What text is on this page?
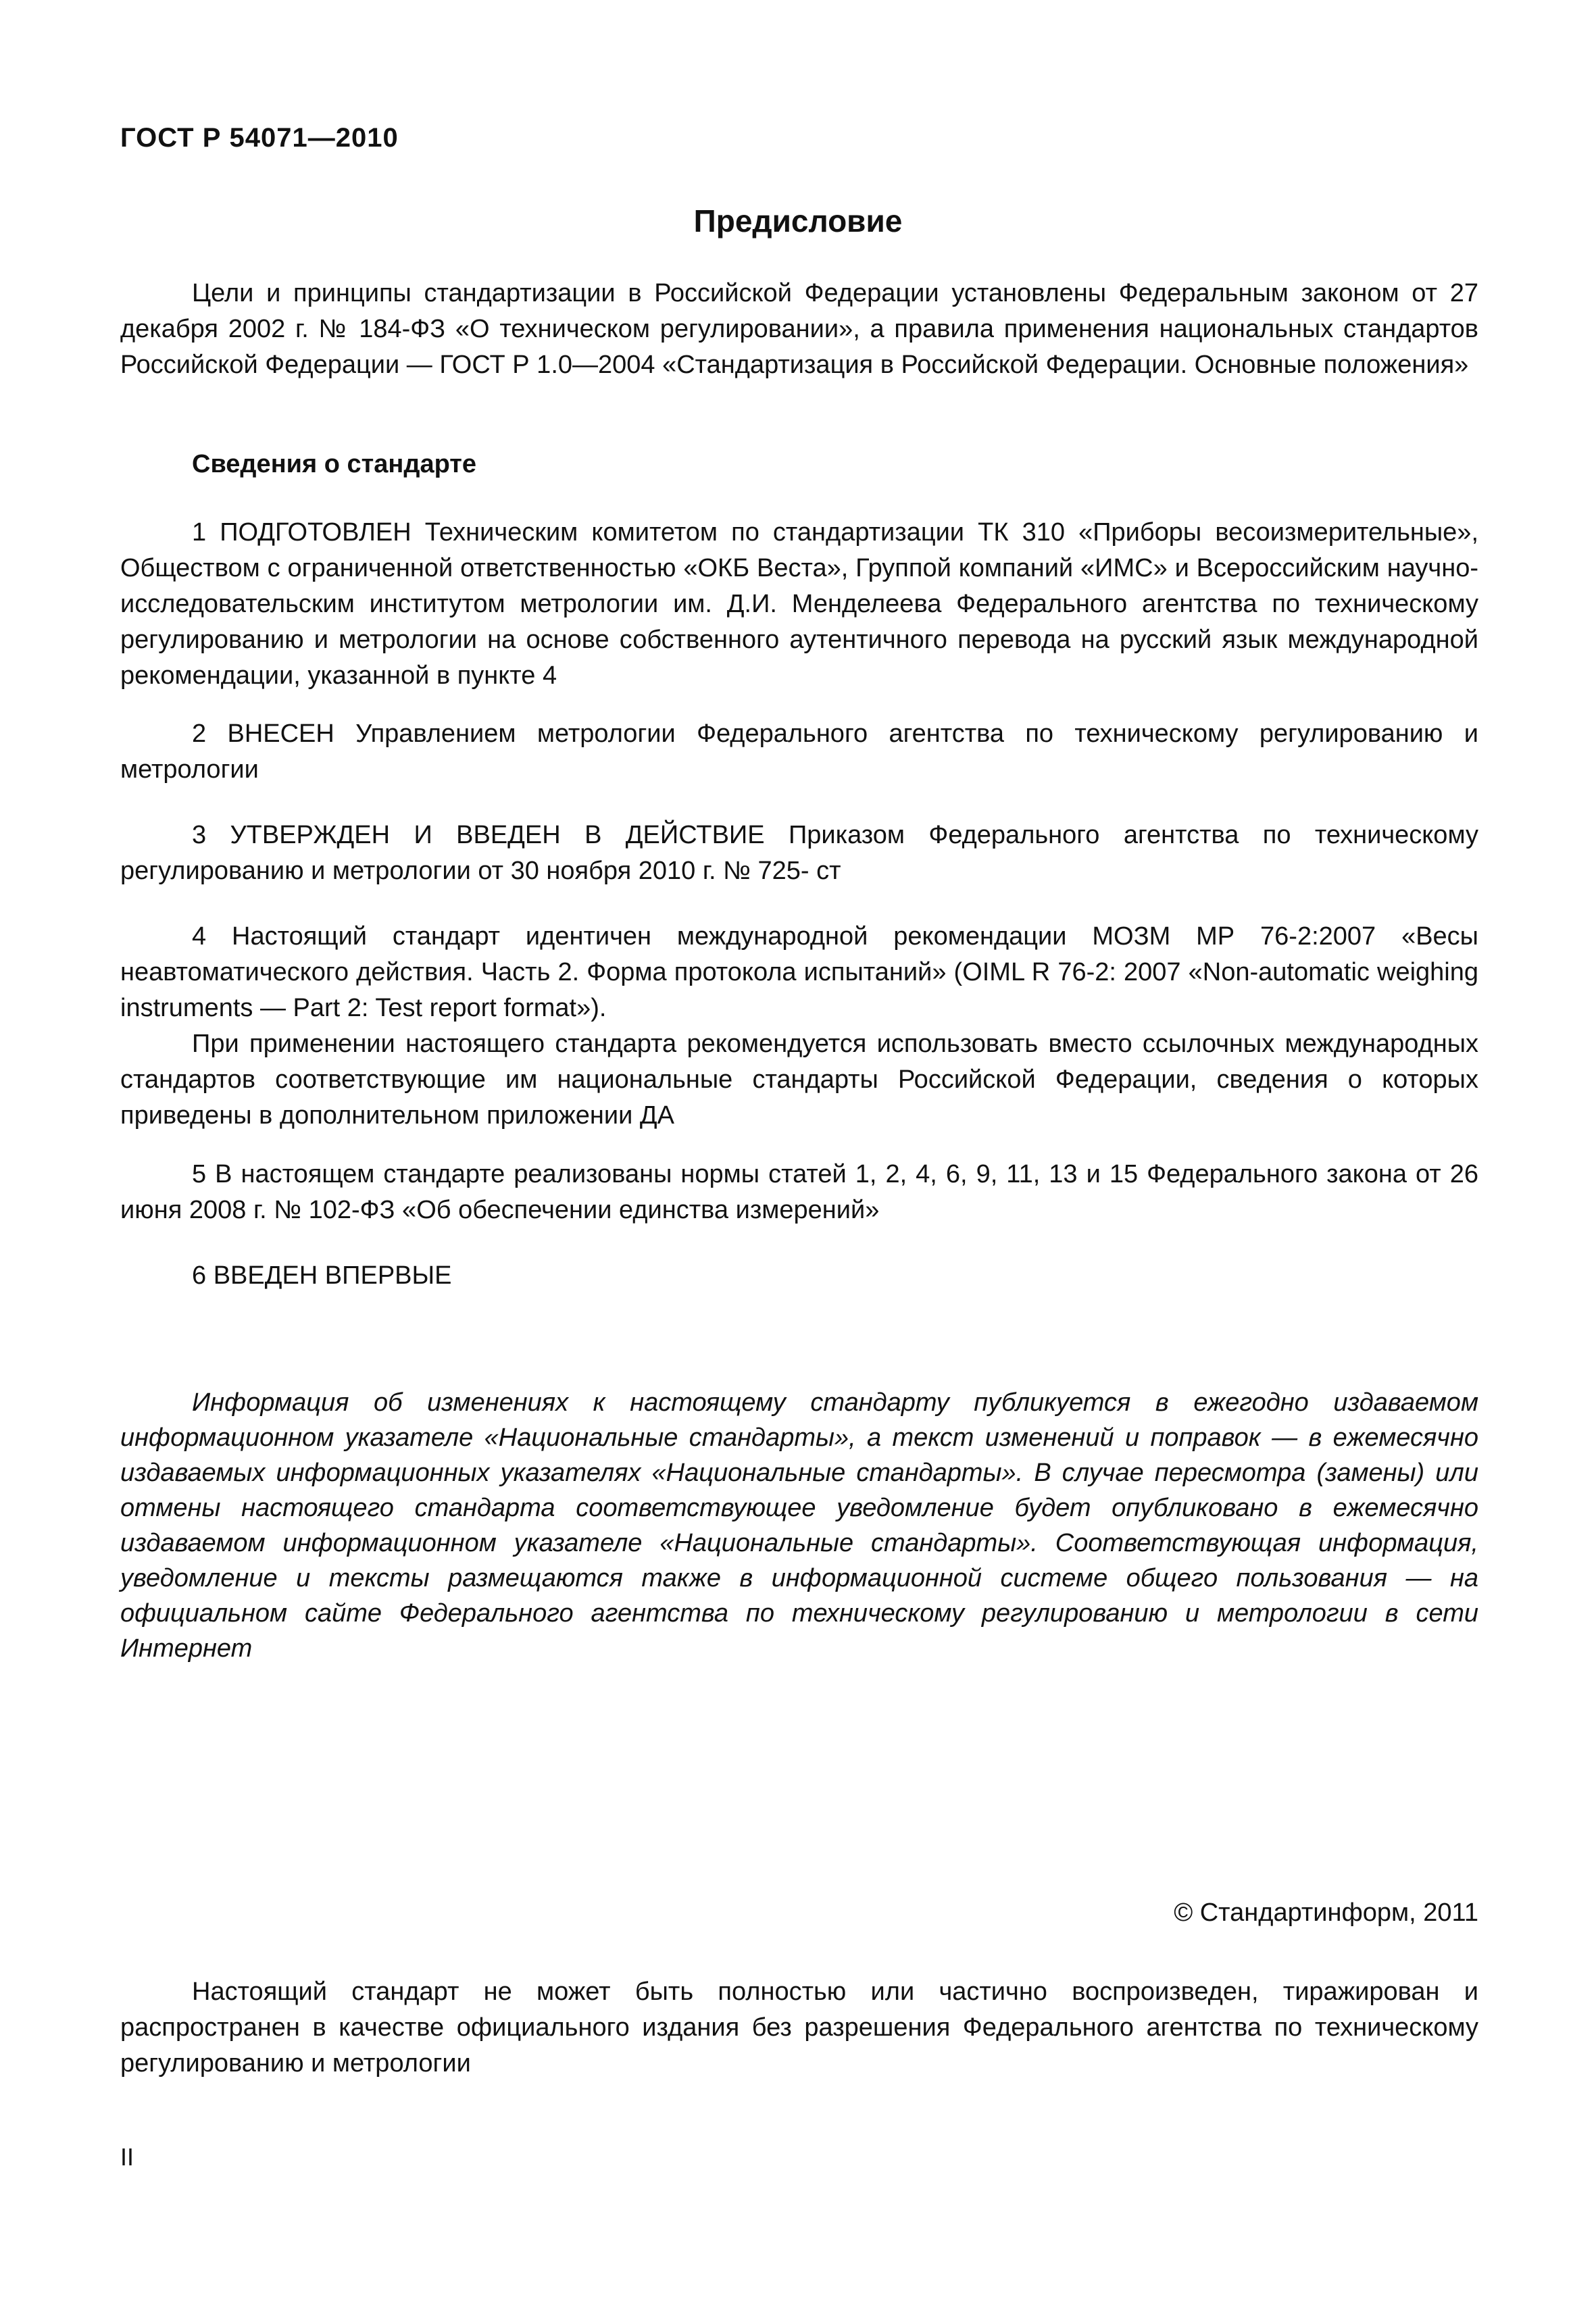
ГОСТ Р 54071—2010
Предисловие

Цели и принципы стандартизации в Российской Федерации установлены Федеральным законом от 27 декабря 2002 г. № 184-ФЗ «О техническом регулировании», а правила применения национальных стандартов Российской Федерации — ГОСТ Р 1.0—2004 «Стандартизация в Российской Федерации. Основные положения»

Сведения о стандарте

1 ПОДГОТОВЛЕН Техническим комитетом по стандартизации ТК 310 «Приборы весоизмерительные», Обществом с ограниченной ответственностью «ОКБ Веста», Группой компаний «ИМС» и Всероссийским научно-исследовательским институтом метрологии им. Д.И. Менделеева Федерального агентства по техническому регулированию и метрологии на основе собственного аутентичного перевода на русский язык международной рекомендации, указанной в пункте 4

2 ВНЕСЕН Управлением метрологии Федерального агентства по техническому регулированию и метрологии

3 УТВЕРЖДЕН И ВВЕДЕН В ДЕЙСТВИЕ Приказом Федерального агентства по техническому регулированию и метрологии от 30 ноября 2010 г. № 725- ст

4 Настоящий стандарт идентичен международной рекомендации МОЗМ МР 76-2:2007 «Весы неавтоматического действия. Часть 2. Форма протокола испытаний» (OIML R 76-2: 2007 «Non-automatic weighing instruments — Part 2: Test report format»).

При применении настоящего стандарта рекомендуется использовать вместо ссылочных международных стандартов соответствующие им национальные стандарты Российской Федерации, сведения о которых приведены в дополнительном приложении ДА

5 В настоящем стандарте реализованы нормы статей 1, 2, 4, 6, 9, 11, 13 и 15 Федерального закона от 26 июня 2008 г. № 102-ФЗ «Об обеспечении единства измерений»

6 ВВЕДЕН ВПЕРВЫЕ

Информация об изменениях к настоящему стандарту публикуется в ежегодно издаваемом информационном указателе «Национальные стандарты», а текст изменений и поправок — в ежемесячно издаваемых информационных указателях «Национальные стандарты». В случае пересмотра (замены) или отмены настоящего стандарта соответствующее уведомление будет опубликовано в ежемесячно издаваемом информационном указателе «Национальные стандарты». Соответствующая информация, уведомление и тексты размещаются также в информационной системе общего пользования — на официальном сайте Федерального агентства по техническому регулированию и метрологии в сети Интернет

© Стандартинформ, 2011

Настоящий стандарт не может быть полностью или частично воспроизведен, тиражирован и распространен в качестве официального издания без разрешения Федерального агентства по техническому регулированию и метрологии

II
